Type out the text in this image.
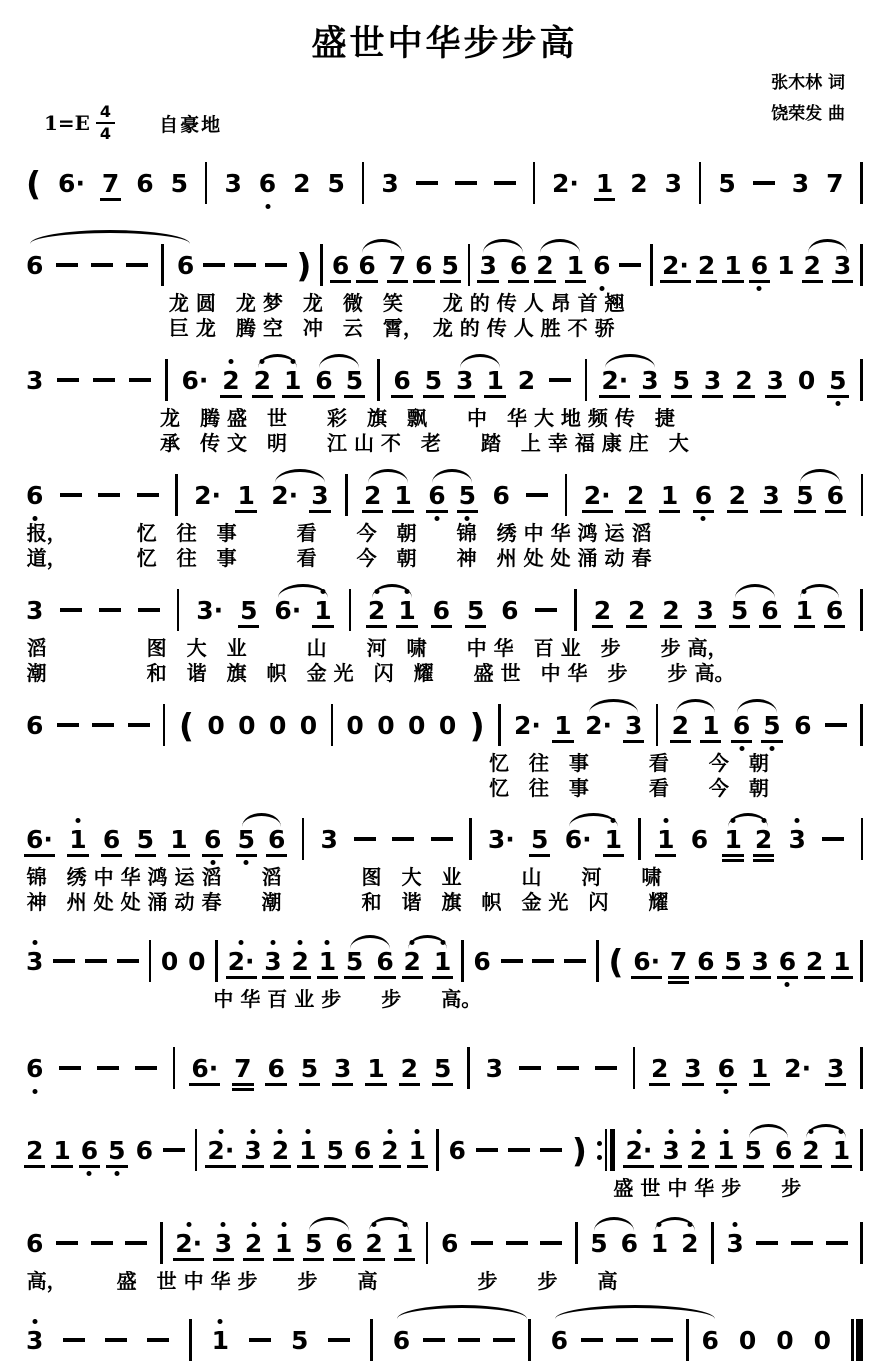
盛世中华步步高
张木林 词
饶荣发 曲
$1=E \frac{4}{4}$ 自豪地
( 6· 7 6 5 3 6 2 5 3	2· 1 2 3 5 3 7
6	6	) 6 6 7 6 5 3 6 2 1 6 2· 2 1 6 1 2 3
龙 圆　龙 梦　龙　微　笑　　龙 的 传 人 昂 首 翘
巨 龙　腾 空　冲　云　霄，　龙 的 传 人 胜 不 骄
3	6· 2 2 1 6 5 6 5 3 1 2	2· 3 5 3 2 3 0 5
龙　腾 盛　世　　彩　旗　飘　　中　华 大 地 频 传　捷
承　传 文　明　　江 山 不　老　　踏　上 幸 福 康 庄　大
6	2· 1 2· 3 2 1 6 5 6	2· 2 1 6 2 3 5 6
报，　　　　忆　往　事　　　看　　今　朝　　锦　绣 中 华 鸿 运 滔
道，　　　　忆　往　事　　　看　　今　朝　　神　州 处 处 涌 动 春
3	3· 5 6· 1 2 1 6 5 6	2 2 2 3 5 6 1 6
滔　　　　　图　大　业　　　山　　河　啸　　中 华　百 业　步　　步 高，
潮　　　　　和　谐　旗　帜　金 光　闪　耀　　盛 世　中 华　步　　步 高。
6	( 0 0 0 0 0 0 0 0 ) 2· 1 2· 3 2 1 6 5 6
忆　往　事　　　看　　今　朝
忆　往　事　　　看　　今　朝
6· 1 6 5 1 6 5 6 3	3· 5 6· 1 1 6 1 2 3
锦　绣 中 华 鸿 运 滔　　滔　　　　图　大　业　　　山　　河　　啸
神　州 处 处 涌 动 春　　潮　　　　和　谐　旗　帜　金 光　闪　　耀
3	0 0 2· 3 2 1 5 6 2 1 6	( 6· 7 6 5 3 6 2 1
中 华 百 业 步　　步　　高。
6	6· 7 6 5 3 1 2 5 3	2 3 6 1 2· 3
2 1 6 5 6 2· 3 2 1 5 6 2 1 6	) 2· 3 2 1 5 6 2 1
盛 世 中 华 步　　步
6	2· 3 2 1 5 6 2 1 6	5 6 1 2 3
高，　　　盛　世 中 华 步　　步　　高　　　　　步　　步　　高
3	1 5	6	6	6 0 0 0
